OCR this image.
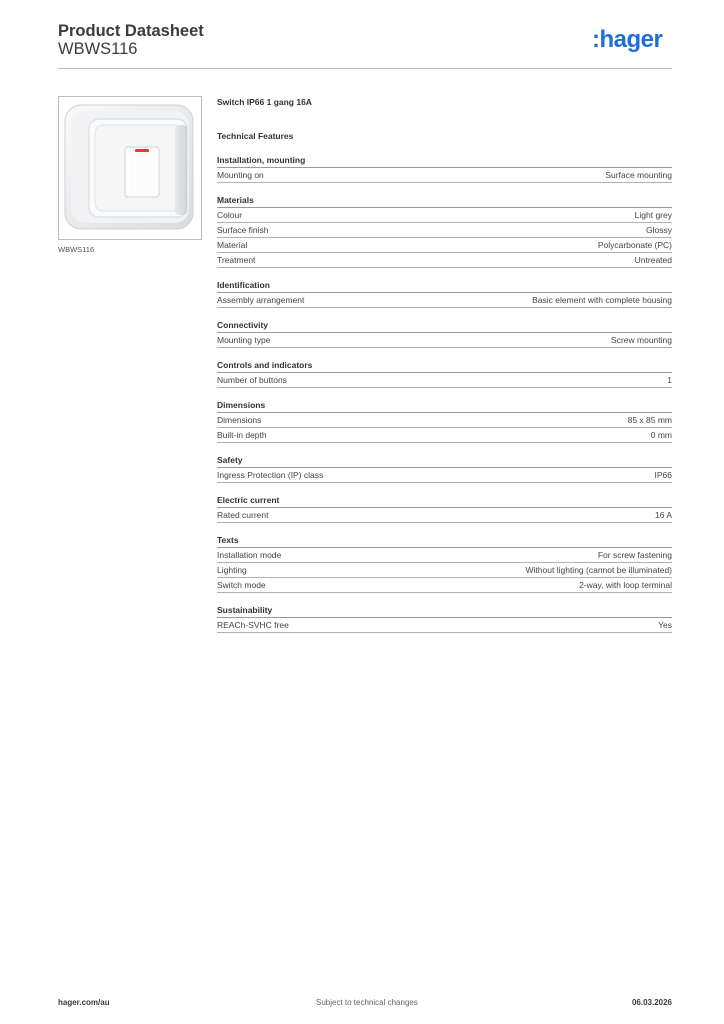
Product Datasheet
WBWS116	:hager
WBWS116
Switch IP66 1 gang 16A
Technical Features
Installation, mounting
Mounting on	Surface mounting
Materials
Colour	Light grey
Surface finish	Glossy
Material	Polycarbonate (PC)
Treatment	Untreated
Identification
Assembly arrangement	Basic element with complete housing
Connectivity
Mounting type	Screw mounting
Controls and indicators
Number of buttons	1
Dimensions
Dimensions	85 x 85 mm
Built-in depth	0 mm
Safety
Ingress Protection (IP) class	IP66
Electric current
Rated current	16 A
Texts
Installation mode	For screw fastening
Lighting	Without lighting (cannot be illuminated)
Switch mode	2-way, with loop terminal
Sustainability
REACh-SVHC free	Yes
hager.com/au	Subject to technical changes	06.03.2026
